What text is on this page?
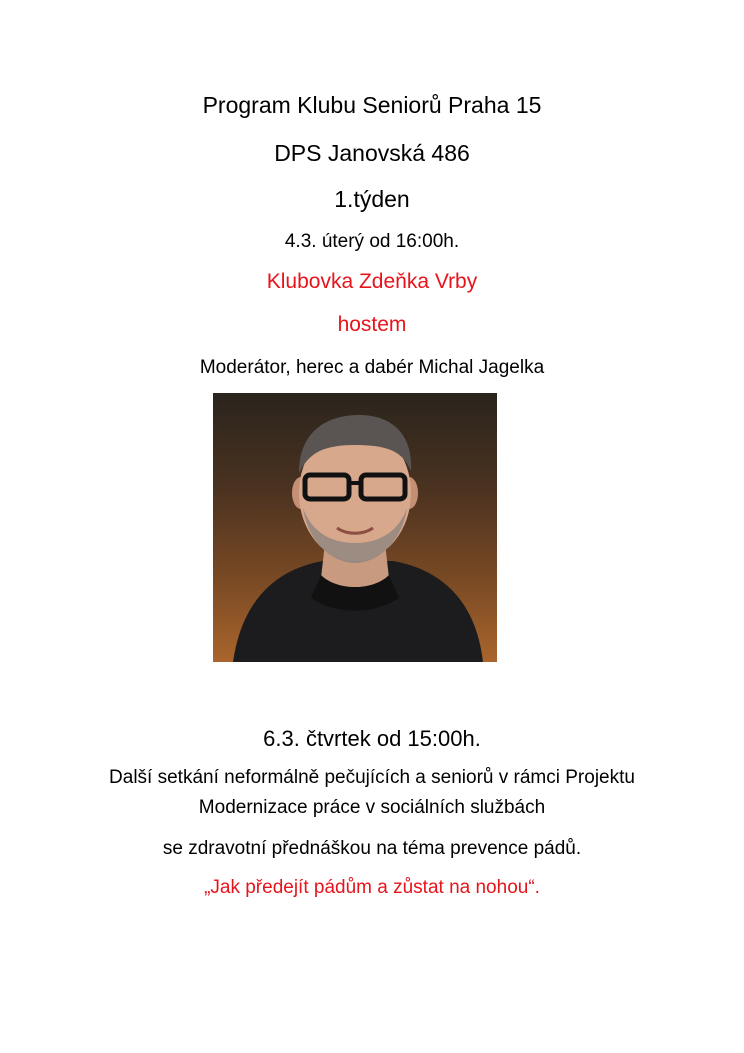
Program Klubu Seniorů Praha 15
DPS Janovská 486
1.týden
4.3. úterý od 16:00h.
Klubovka Zdeňka Vrby
hostem
Moderátor, herec a dabér Michal Jagelka
6.3. čtvrtek od 15:00h.
Další setkání neformálně pečujících a seniorů v rámci Projektu
Modernizace práce v sociálních službách
se zdravotní přednáškou na téma prevence pádů.
„Jak předejít pádům a zůstat na nohou“.
